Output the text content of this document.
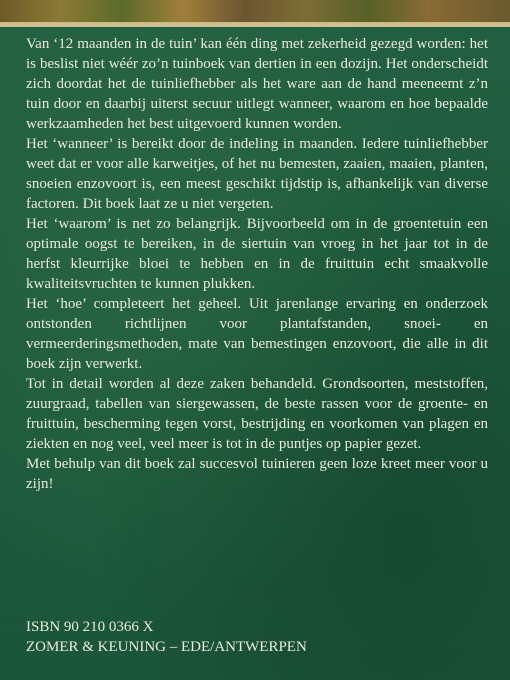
Van ‘12 maanden in de tuin’ kan één ding met zekerheid gezegd worden: het is beslist niet wéér zo’n tuinboek van dertien in een dozijn. Het onderscheidt zich doordat het de tuinliefhebber als het ware aan de hand meeneemt z’n tuin door en daarbij uiterst secuur uitlegt wanneer, waarom en hoe bepaalde werkzaamheden het best uitgevoerd kunnen worden.

Het ‘wanneer’ is bereikt door de indeling in maanden. Iedere tuinliefhebber weet dat er voor alle karweitjes, of het nu bemesten, zaaien, maaien, planten, snoeien enzovoort is, een meest geschikt tijdstip is, afhankelijk van diverse factoren. Dit boek laat ze u niet vergeten.

Het ‘waarom’ is net zo belangrijk. Bijvoorbeeld om in de groentetuin een optimale oogst te bereiken, in de siertuin van vroeg in het jaar tot in de herfst kleurrijke bloei te hebben en in de fruittuin echt smaakvolle kwaliteitsvruchten te kunnen plukken.

Het ‘hoe’ completeert het geheel. Uit jarenlange ervaring en onderzoek ontstonden richtlijnen voor plantafstanden, snoei- en vermeerderingsmethoden, mate van bemestingen enzovoort, die alle in dit boek zijn verwerkt.

Tot in detail worden al deze zaken behandeld. Grondsoorten, meststoffen, zuurgraad, tabellen van siergewassen, de beste rassen voor de groente- en fruittuin, bescherming tegen vorst, bestrijding en voorkomen van plagen en ziekten en nog veel, veel meer is tot in de puntjes op papier gezet.

Met behulp van dit boek zal succesvol tuinieren geen loze kreet meer voor u zijn!

ISBN 90 210 0366 X
ZOMER & KEUNING – EDE/ANTWERPEN
